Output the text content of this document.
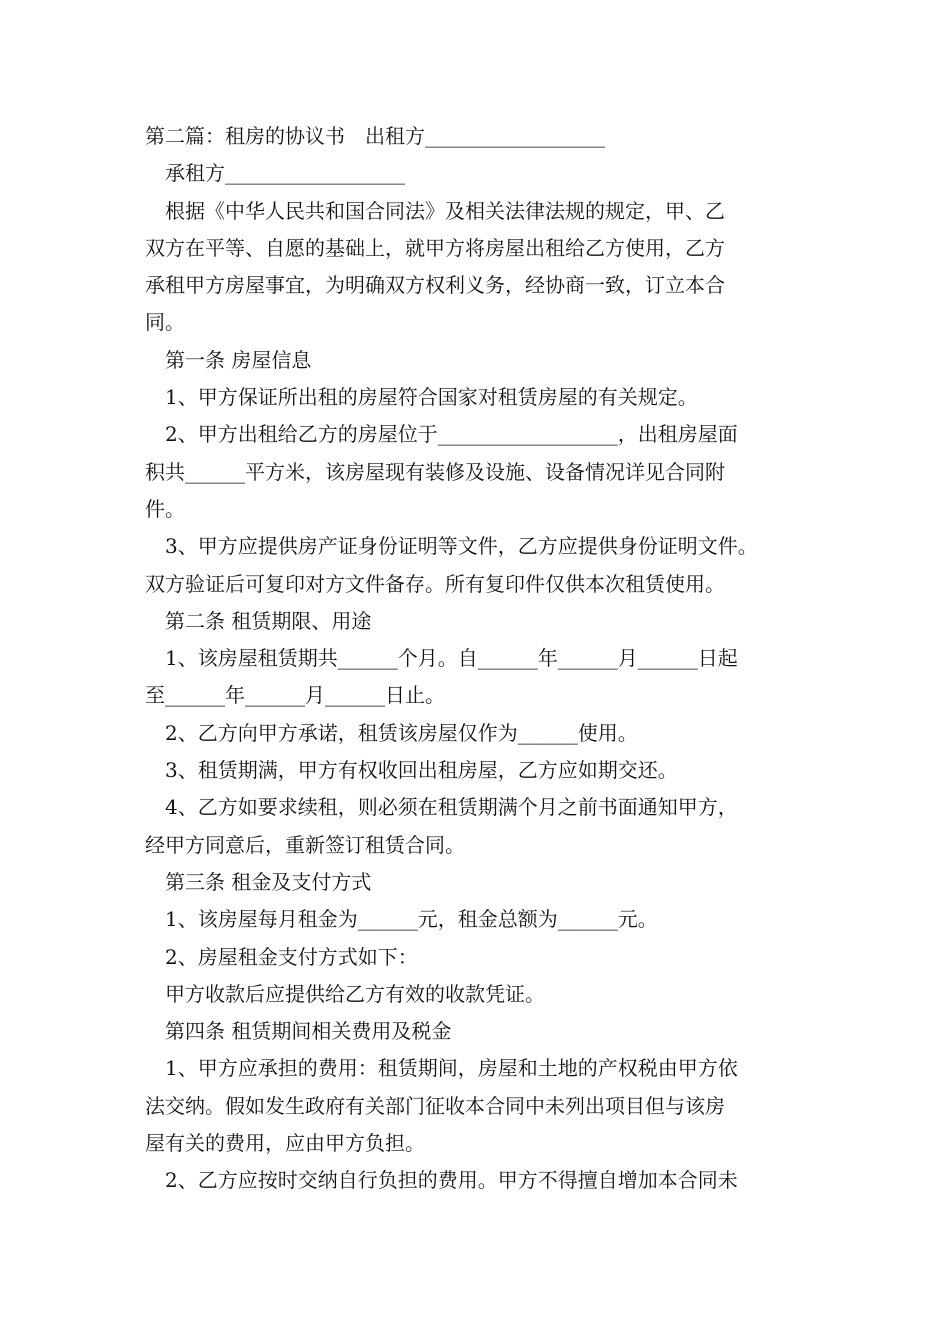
第二篇：租房的协议书　出租方__________________
承租方__________________
根据《中华人民共和国合同法》及相关法律法规的规定，甲、乙
双方在平等、自愿的基础上，就甲方将房屋出租给乙方使用，乙方
承租甲方房屋事宜，为明确双方权利义务，经协商一致，订立本合
同。
第一条 房屋信息
1、甲方保证所出租的房屋符合国家对租赁房屋的有关规定。
2、甲方出租给乙方的房屋位于__________________，出租房屋面
积共______平方米，该房屋现有装修及设施、设备情况详见合同附
件。
3、甲方应提供房产证身份证明等文件，乙方应提供身份证明文件。
双方验证后可复印对方文件备存。所有复印件仅供本次租赁使用。
第二条 租赁期限、用途
1、该房屋租赁期共______个月。自______年______月______日起
至______年______月______日止。
2、乙方向甲方承诺，租赁该房屋仅作为______使用。
3、租赁期满，甲方有权收回出租房屋，乙方应如期交还。
4、乙方如要求续租，则必须在租赁期满个月之前书面通知甲方，
经甲方同意后，重新签订租赁合同。
第三条 租金及支付方式
1、该房屋每月租金为______元，租金总额为______元。
2、房屋租金支付方式如下：
甲方收款后应提供给乙方有效的收款凭证。
第四条 租赁期间相关费用及税金
1、甲方应承担的费用：租赁期间，房屋和土地的产权税由甲方依
法交纳。假如发生政府有关部门征收本合同中未列出项目但与该房
屋有关的费用，应由甲方负担。
2、乙方应按时交纳自行负担的费用。甲方不得擅自增加本合同未
